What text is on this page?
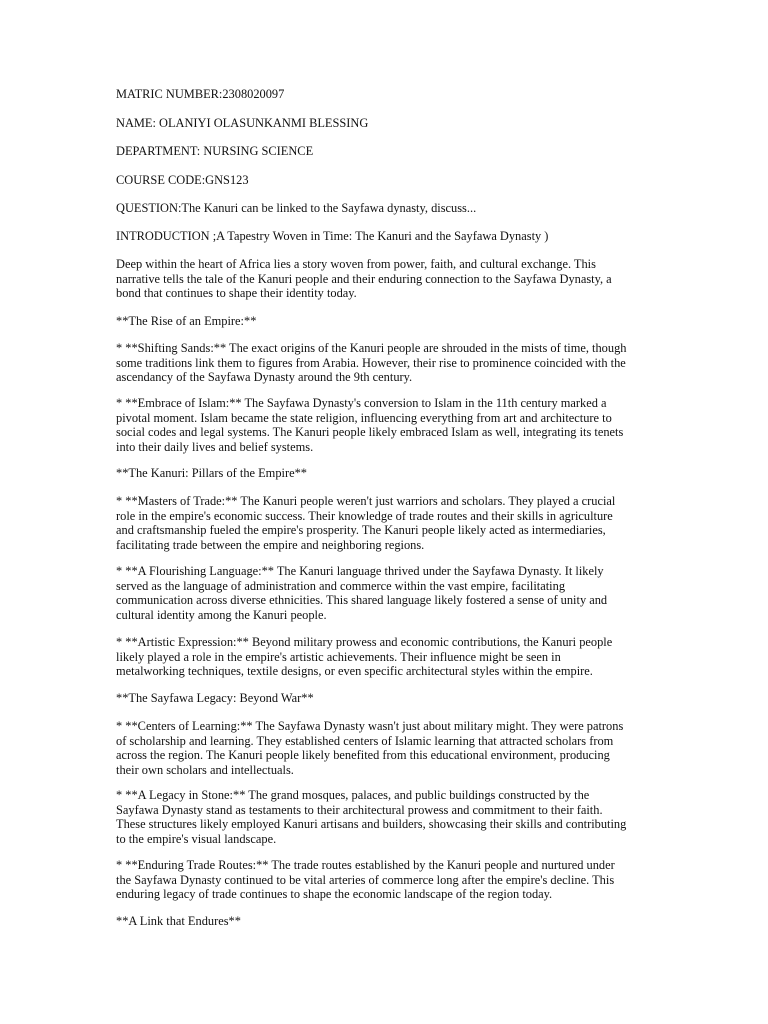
MATRIC NUMBER:2308020097

NAME: OLANIYI OLASUNKANMI BLESSING

DEPARTMENT: NURSING SCIENCE

COURSE CODE:GNS123

QUESTION:The Kanuri can be linked to the Sayfawa dynasty, discuss...

INTRODUCTION ;A Tapestry Woven in Time: The Kanuri and the Sayfawa Dynasty )

Deep within the heart of Africa lies a story woven from power, faith, and cultural exchange. This
narrative tells the tale of the Kanuri people and their enduring connection to the Sayfawa Dynasty, a
bond that continues to shape their identity today.

**The Rise of an Empire:**

* **Shifting Sands:** The exact origins of the Kanuri people are shrouded in the mists of time, though
some traditions link them to figures from Arabia. However, their rise to prominence coincided with the
ascendancy of the Sayfawa Dynasty around the 9th century.

* **Embrace of Islam:** The Sayfawa Dynasty's conversion to Islam in the 11th century marked a
pivotal moment. Islam became the state religion, influencing everything from art and architecture to
social codes and legal systems. The Kanuri people likely embraced Islam as well, integrating its tenets
into their daily lives and belief systems.

**The Kanuri: Pillars of the Empire**

* **Masters of Trade:** The Kanuri people weren't just warriors and scholars. They played a crucial
role in the empire's economic success. Their knowledge of trade routes and their skills in agriculture
and craftsmanship fueled the empire's prosperity. The Kanuri people likely acted as intermediaries,
facilitating trade between the empire and neighboring regions.

* **A Flourishing Language:** The Kanuri language thrived under the Sayfawa Dynasty. It likely
served as the language of administration and commerce within the vast empire, facilitating
communication across diverse ethnicities. This shared language likely fostered a sense of unity and
cultural identity among the Kanuri people.

* **Artistic Expression:** Beyond military prowess and economic contributions, the Kanuri people
likely played a role in the empire's artistic achievements. Their influence might be seen in
metalworking techniques, textile designs, or even specific architectural styles within the empire.

**The Sayfawa Legacy: Beyond War**

* **Centers of Learning:** The Sayfawa Dynasty wasn't just about military might. They were patrons
of scholarship and learning. They established centers of Islamic learning that attracted scholars from
across the region. The Kanuri people likely benefited from this educational environment, producing
their own scholars and intellectuals.

* **A Legacy in Stone:** The grand mosques, palaces, and public buildings constructed by the
Sayfawa Dynasty stand as testaments to their architectural prowess and commitment to their faith.
These structures likely employed Kanuri artisans and builders, showcasing their skills and contributing
to the empire's visual landscape.

* **Enduring Trade Routes:** The trade routes established by the Kanuri people and nurtured under
the Sayfawa Dynasty continued to be vital arteries of commerce long after the empire's decline. This
enduring legacy of trade continues to shape the economic landscape of the region today.

**A Link that Endures**
